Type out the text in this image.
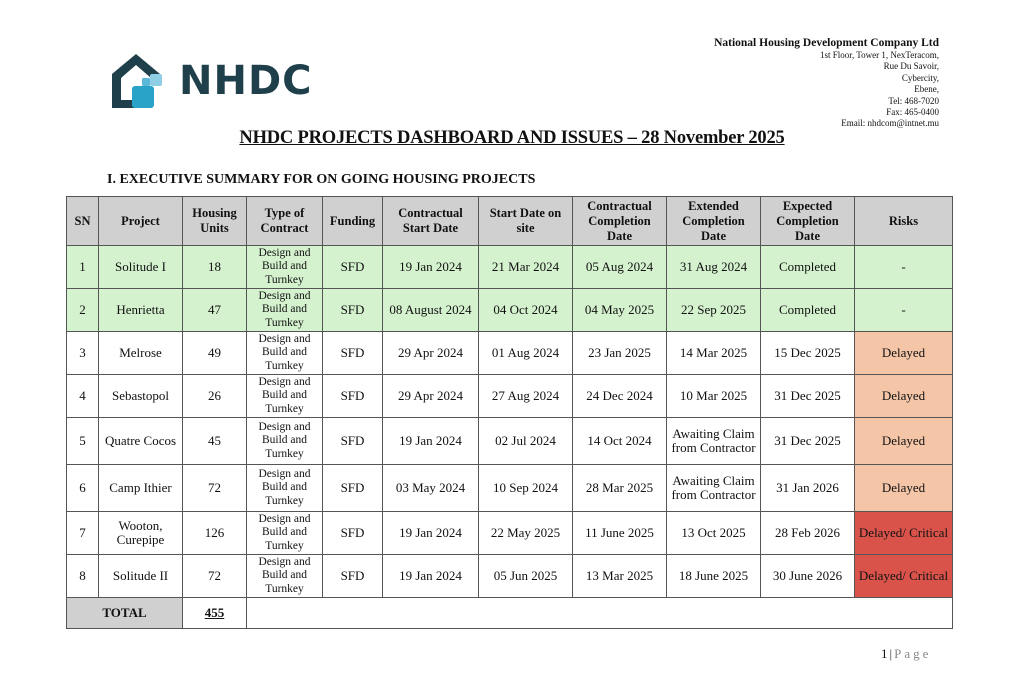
NHDC
National Housing Development Company Ltd
1st Floor, Tower 1, NexTeracom,
Rue Du Savoir,
Cybercity,
Ebene,
Tel: 468-7020
Fax: 465-0400
Email: nhdcom@intnet.mu
NHDC PROJECTS DASHBOARD AND ISSUES – 28 November 2025
I. EXECUTIVE SUMMARY FOR ON GOING HOUSING PROJECTS
SN	Project	Housing Units	Type of Contract	Funding	Contractual Start Date	Start Date on site	Contractual Completion Date	Extended Completion Date	Expected Completion Date	Risks
1	Solitude I	18	Design and Build and Turnkey	SFD	19 Jan 2024	21 Mar 2024	05 Aug 2024	31 Aug 2024	Completed	-
2	Henrietta	47	Design and Build and Turnkey	SFD	08 August 2024	04 Oct 2024	04 May 2025	22 Sep 2025	Completed	-
3	Melrose	49	Design and Build and Turnkey	SFD	29 Apr 2024	01 Aug 2024	23 Jan 2025	14 Mar 2025	15 Dec 2025	Delayed
4	Sebastopol	26	Design and Build and Turnkey	SFD	29 Apr 2024	27 Aug 2024	24 Dec 2024	10 Mar 2025	31 Dec 2025	Delayed
5	Quatre Cocos	45	Design and Build and Turnkey	SFD	19 Jan 2024	02 Jul 2024	14 Oct 2024	Awaiting Claim from Contractor	31 Dec 2025	Delayed
6	Camp Ithier	72	Design and Build and Turnkey	SFD	03 May 2024	10 Sep 2024	28 Mar 2025	Awaiting Claim from Contractor	31 Jan 2026	Delayed
7	Wooton, Curepipe	126	Design and Build and Turnkey	SFD	19 Jan 2024	22 May 2025	11 June 2025	13 Oct 2025	28 Feb 2026	Delayed/ Critical
8	Solitude II	72	Design and Build and Turnkey	SFD	19 Jan 2024	05 Jun 2025	13 Mar 2025	18 June 2025	30 June 2026	Delayed/ Critical
TOTAL		455								
1|Page
